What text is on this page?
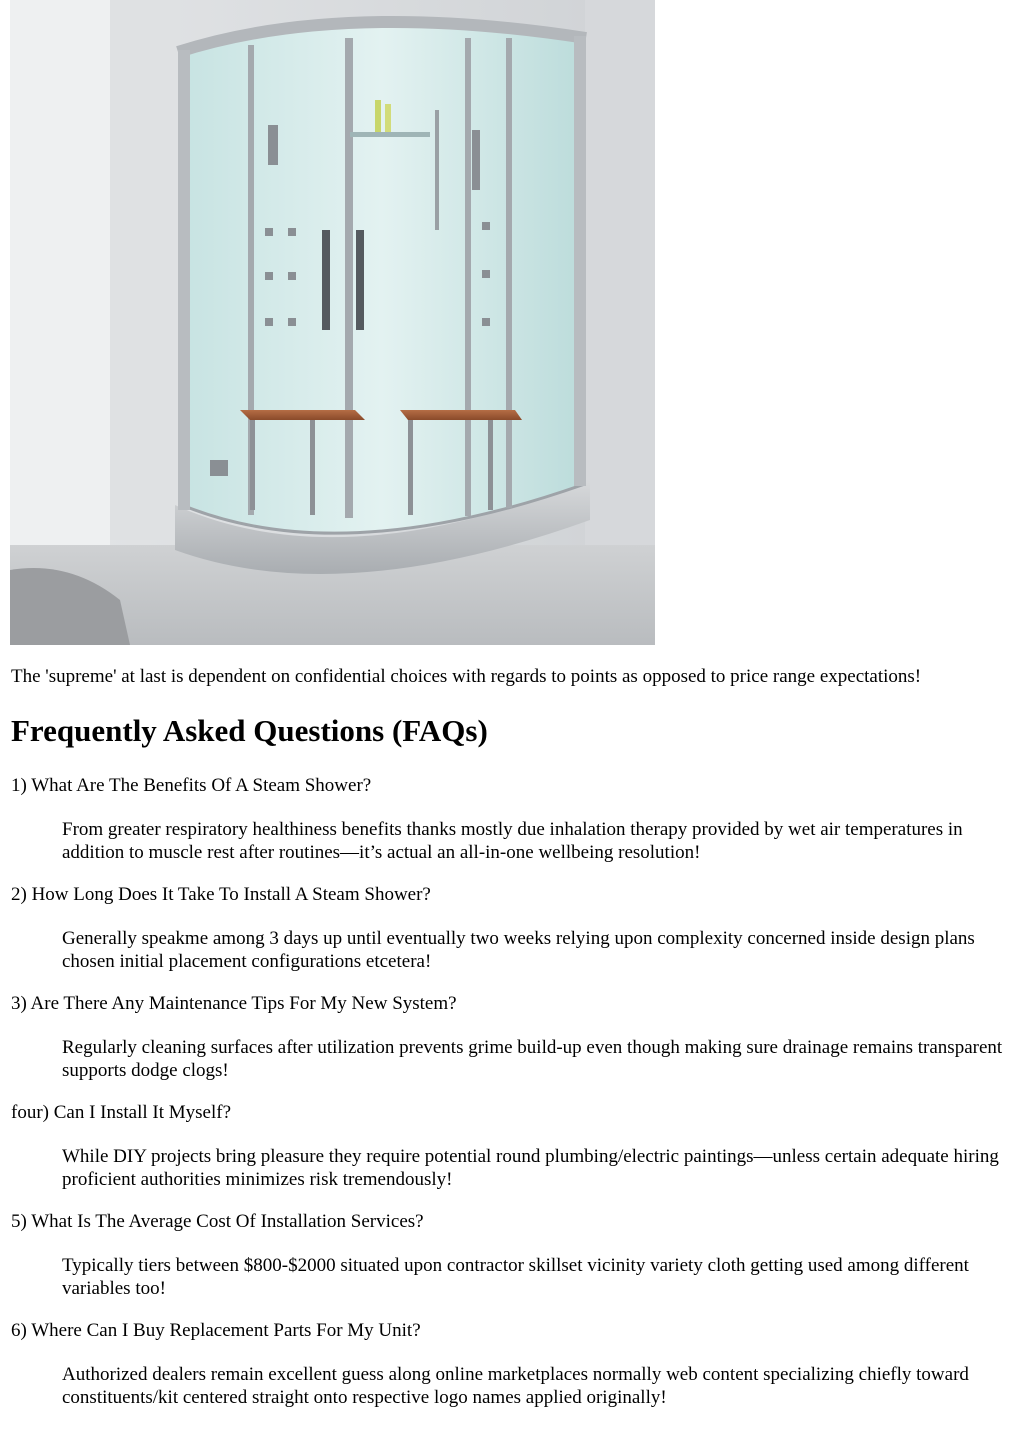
The 'supreme' at last is dependent on confidential choices with regards to points as opposed to price range expectations!

Frequently Asked Questions (FAQs)

1) What Are The Benefits Of A Steam Shower?

From greater respiratory healthiness benefits thanks mostly due inhalation therapy provided by wet air temperatures in addition to muscle rest after routines—it’s actual an all-in-one wellbeing resolution!

2) How Long Does It Take To Install A Steam Shower?

Generally speakme among 3 days up until eventually two weeks relying upon complexity concerned inside design plans chosen initial placement configurations etcetera!

3) Are There Any Maintenance Tips For My New System?

Regularly cleaning surfaces after utilization prevents grime build-up even though making sure drainage remains transparent supports dodge clogs!

four) Can I Install It Myself?

While DIY projects bring pleasure they require potential round plumbing/electric paintings—unless certain adequate hiring proficient authorities minimizes risk tremendously!

5) What Is The Average Cost Of Installation Services?

Typically tiers between $800-$2000 situated upon contractor skillset vicinity variety cloth getting used among different variables too!

6) Where Can I Buy Replacement Parts For My Unit?

Authorized dealers remain excellent guess along online marketplaces normally web content specializing chiefly toward constituents/kit centered straight onto respective logo names applied originally!
